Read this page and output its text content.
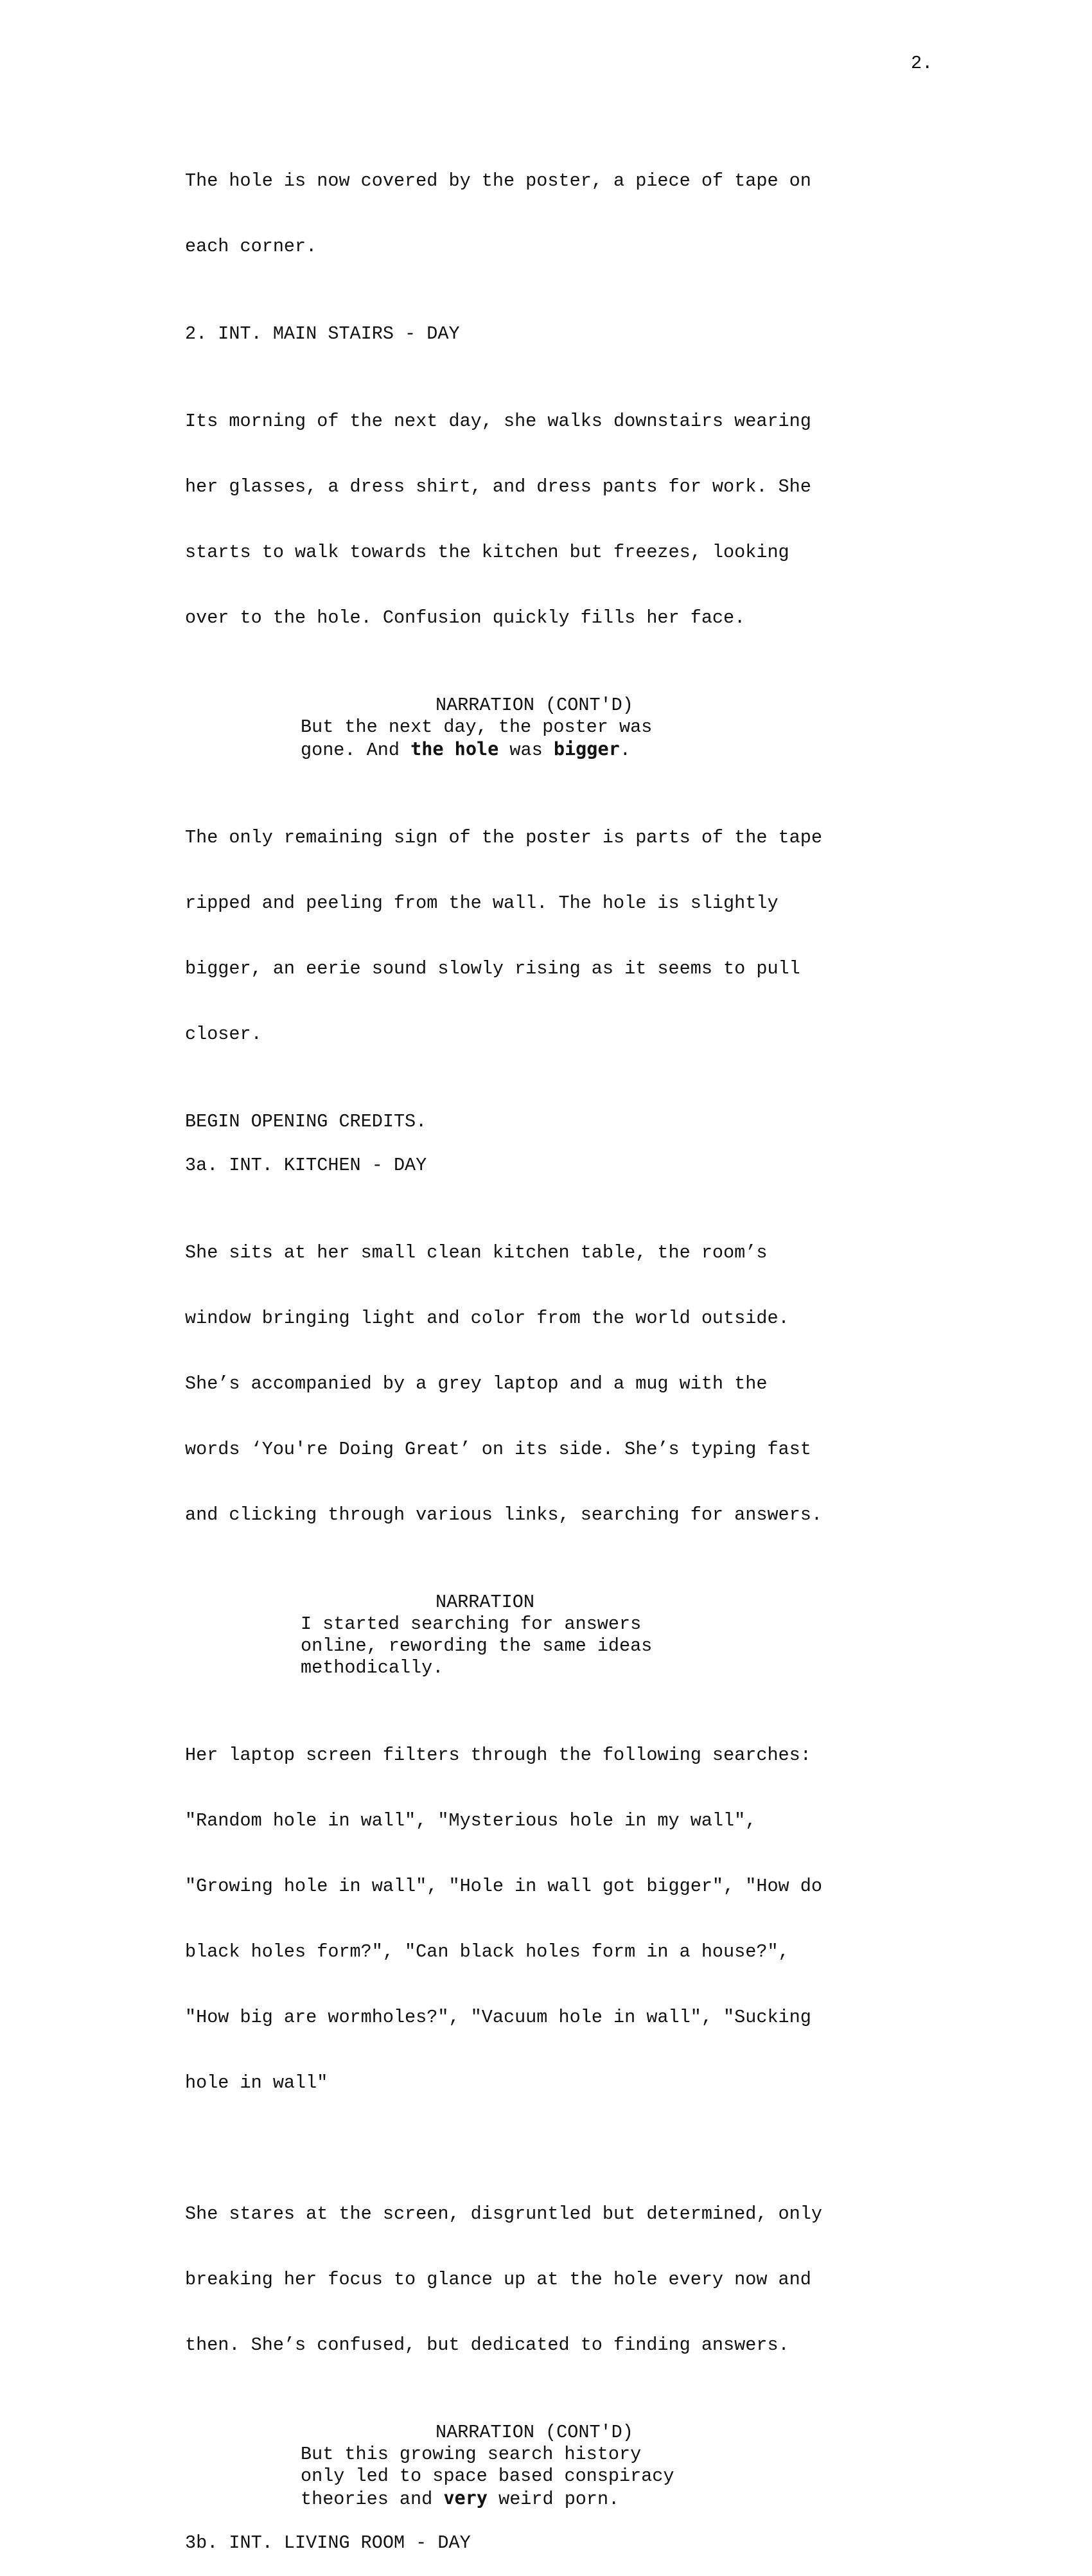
2.

The hole is now covered by the poster, a piece of tape on

each corner.

2. INT. MAIN STAIRS - DAY

Its morning of the next day, she walks downstairs wearing

her glasses, a dress shirt, and dress pants for work. She

starts to walk towards the kitchen but freezes, looking

over to the hole. Confusion quickly fills her face.

NARRATION (CONT'D)
But the next day, the poster was
gone. And the hole was bigger.

The only remaining sign of the poster is parts of the tape

ripped and peeling from the wall. The hole is slightly

bigger, an eerie sound slowly rising as it seems to pull

closer.

BEGIN OPENING CREDITS.
3a. INT. KITCHEN - DAY

She sits at her small clean kitchen table, the room’s

window bringing light and color from the world outside.

She’s accompanied by a grey laptop and a mug with the

words ‘You're Doing Great’ on its side. She’s typing fast

and clicking through various links, searching for answers.

NARRATION
I started searching for answers
online, rewording the same ideas
methodically.

Her laptop screen filters through the following searches:

"Random hole in wall", "Mysterious hole in my wall",

"Growing hole in wall", "Hole in wall got bigger", "How do

black holes form?", "Can black holes form in a house?",

"How big are wormholes?", "Vacuum hole in wall", "Sucking

hole in wall"

She stares at the screen, disgruntled but determined, only

breaking her focus to glance up at the hole every now and

then. She’s confused, but dedicated to finding answers.

NARRATION (CONT'D)
But this growing search history
only led to space based conspiracy
theories and very weird porn.
3b. INT. LIVING ROOM - DAY
